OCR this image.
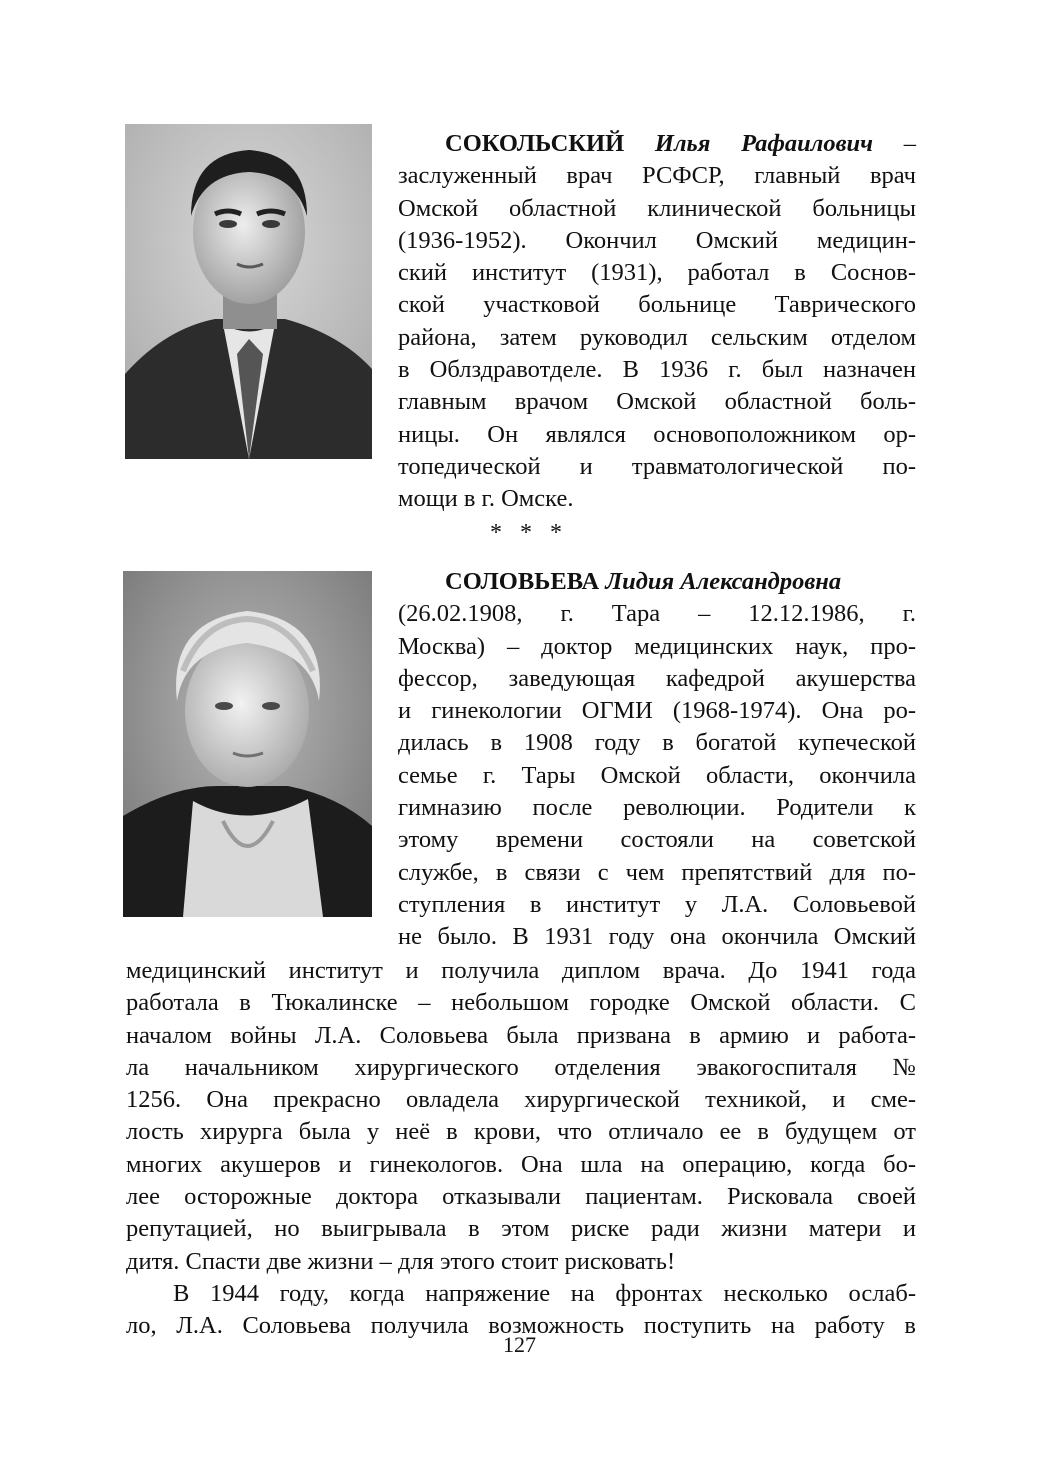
СОКОЛЬСКИЙ Илья Рафаилович –
заслуженный врач РСФСР, главный врач
Омской областной клинической больницы
(1936-1952). Окончил Омский медицин-
ский институт (1931), работал в Соснов-
ской участковой больнице Таврического
района, затем руководил сельским отделом
в Облздравотделе. В 1936 г. был назначен
главным врачом Омской областной боль-
ницы. Он являлся основоположником ор-
топедической и травматологической по-
мощи в г. Омске.
* * *
СОЛОВЬЕВА Лидия Александровна
(26.02.1908, г. Тара – 12.12.1986, г.
Москва) – доктор медицинских наук, про-
фессор, заведующая кафедрой акушерства
и гинекологии ОГМИ (1968-1974). Она ро-
дилась в 1908 году в богатой купеческой
семье г. Тары Омской области, окончила
гимназию после революции. Родители к
этому времени состояли на советской
службе, в связи с чем препятствий для по-
ступления в институт у Л.А. Соловьевой
не было. В 1931 году она окончила Омский
медицинский институт и получила диплом врача. До 1941 года
работала в Тюкалинске – небольшом городке Омской области. С
началом войны Л.А. Соловьева была призвана в армию и работа-
ла начальником хирургического отделения эвакогоспиталя №
1256. Она прекрасно овладела хирургической техникой, и сме-
лость хирурга была у неё в крови, что отличало ее в будущем от
многих акушеров и гинекологов. Она шла на операцию, когда бо-
лее осторожные доктора отказывали пациентам. Рисковала своей
репутацией, но выигрывала в этом риске ради жизни матери и
дитя. Спасти две жизни – для этого стоит рисковать!
В 1944 году, когда напряжение на фронтах несколько ослаб-
ло, Л.А. Соловьева получила возможность поступить на работу в
127
